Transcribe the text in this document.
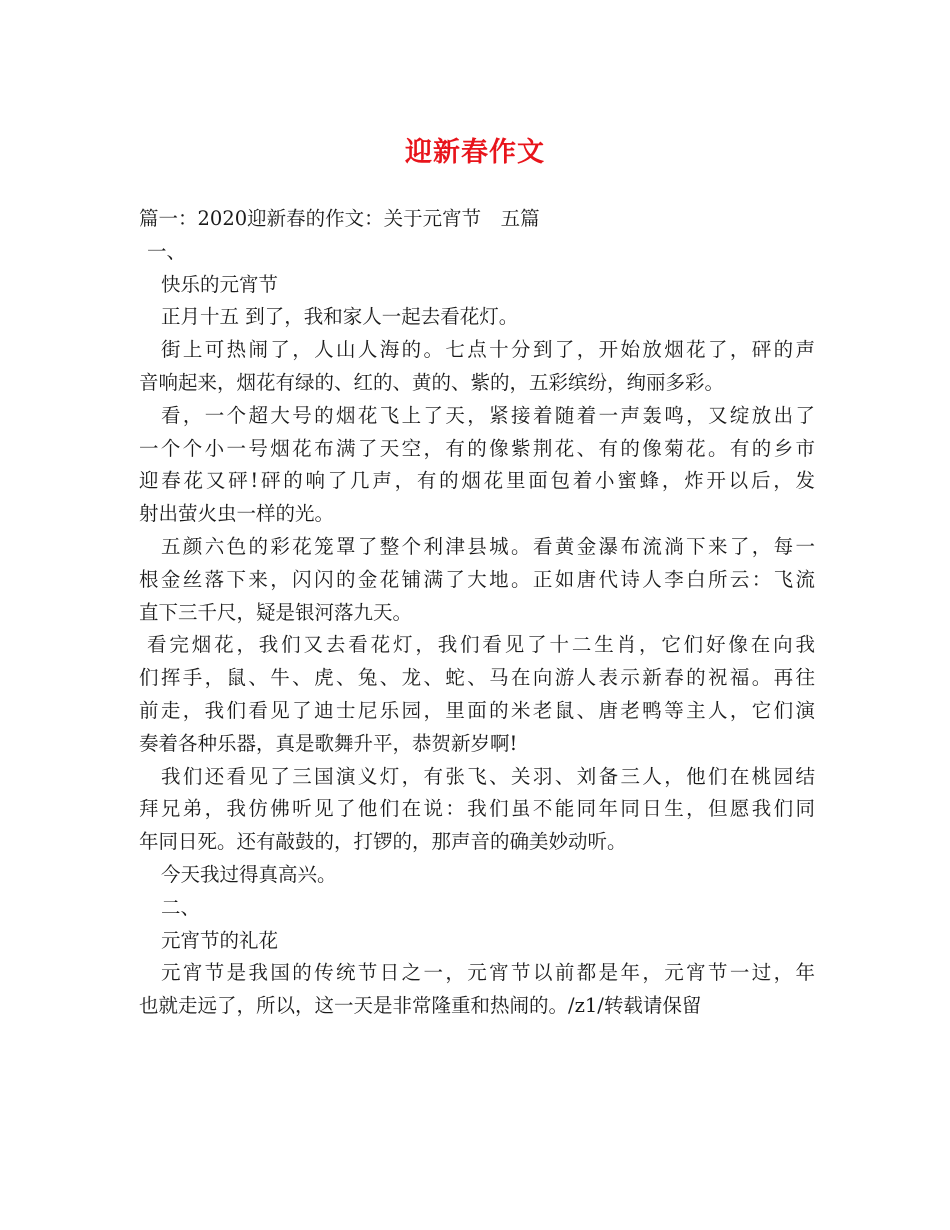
迎新春作文
篇一：2020迎新春的作文：关于元宵节　五篇
一、
快乐的元宵节
正月十五 到了，我和家人一起去看花灯。
街上可热闹了，人山人海的。七点十分到了，开始放烟花了，砰的声
音响起来，烟花有绿的、红的、黄的、紫的，五彩缤纷，绚丽多彩。
看，一个超大号的烟花飞上了天，紧接着随着一声轰鸣，又绽放出了
一个个小一号烟花布满了天空，有的像紫荆花、有的像菊花。有的乡市
迎春花又砰!砰的响了几声，有的烟花里面包着小蜜蜂，炸开以后，发
射出萤火虫一样的光。
五颜六色的彩花笼罩了整个利津县城。看黄金瀑布流淌下来了，每一
根金丝落下来，闪闪的金花铺满了大地。正如唐代诗人李白所云：飞流
直下三千尺，疑是银河落九天。
看完烟花，我们又去看花灯，我们看见了十二生肖，它们好像在向我
们挥手，鼠、牛、虎、兔、龙、蛇、马在向游人表示新春的祝福。再往
前走，我们看见了迪士尼乐园，里面的米老鼠、唐老鸭等主人，它们演
奏着各种乐器，真是歌舞升平，恭贺新岁啊!
我们还看见了三国演义灯，有张飞、关羽、刘备三人，他们在桃园结
拜兄弟，我仿佛听见了他们在说：我们虽不能同年同日生，但愿我们同
年同日死。还有敲鼓的，打锣的，那声音的确美妙动听。
今天我过得真高兴。
二、
元宵节的礼花
元宵节是我国的传统节日之一，元宵节以前都是年，元宵节一过，年
也就走远了，所以，这一天是非常隆重和热闹的。/z1/转载请保留
